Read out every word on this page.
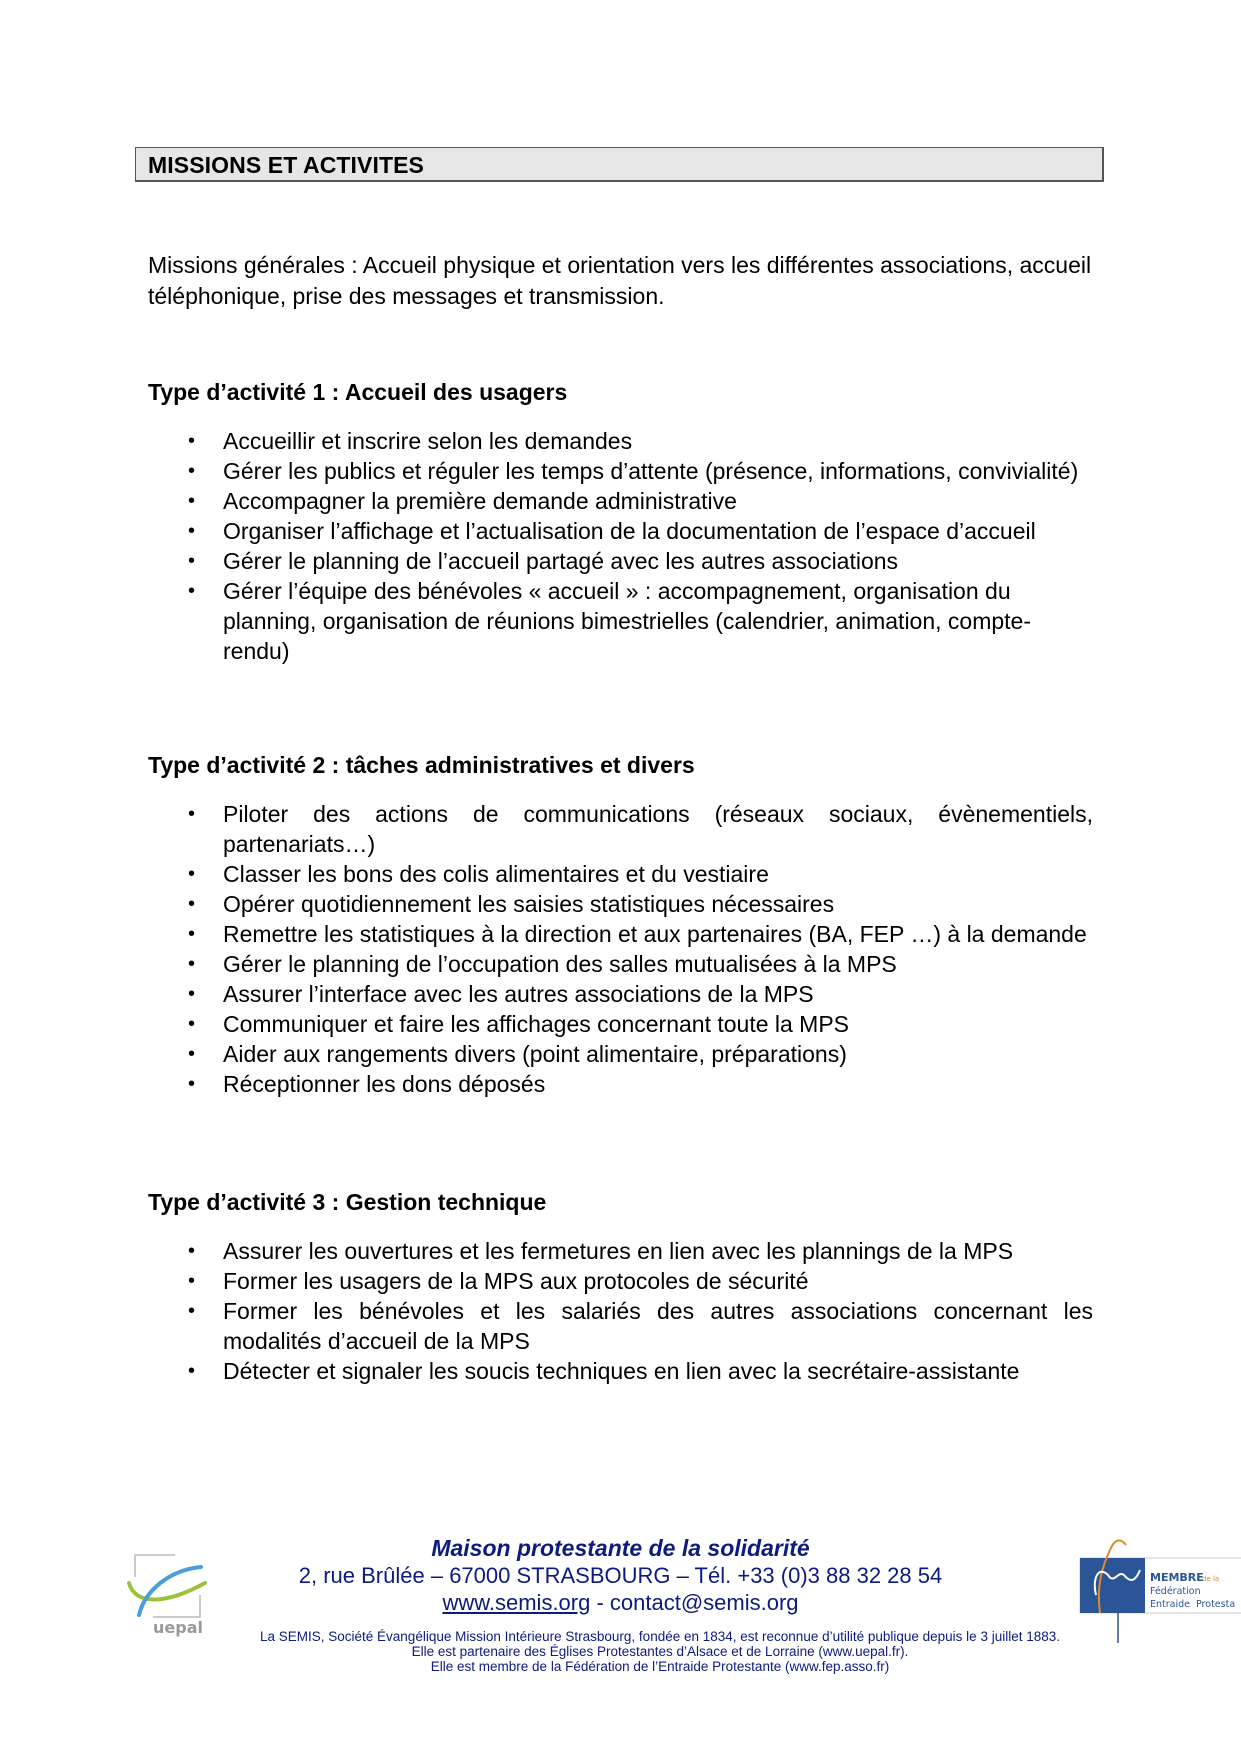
MISSIONS ET ACTIVITES
Missions générales : Accueil physique et orientation vers les différentes associations, accueil téléphonique, prise des messages et transmission.
Type d’activité 1 : Accueil des usagers
• Accueillir et inscrire selon les demandes
• Gérer les publics et réguler les temps d’attente (présence, informations, convivialité)
• Accompagner la première demande administrative
• Organiser l’affichage et l’actualisation de la documentation de l’espace d’accueil
• Gérer le planning de l’accueil partagé avec les autres associations
• Gérer l’équipe des bénévoles « accueil » : accompagnement, organisation du planning, organisation de réunions bimestrielles (calendrier, animation, compte-rendu)
Type d’activité 2 : tâches administratives et divers
• Piloter des actions de communications (réseaux sociaux, évènementiels, partenariats…)
• Classer les bons des colis alimentaires et du vestiaire
• Opérer quotidiennement les saisies statistiques nécessaires
• Remettre les statistiques à la direction et aux partenaires (BA, FEP …) à la demande
• Gérer le planning de l’occupation des salles mutualisées à la MPS
• Assurer l’interface avec les autres associations de la MPS
• Communiquer et faire les affichages concernant toute la MPS
• Aider aux rangements divers (point alimentaire, préparations)
• Réceptionner les dons déposés
Type d’activité 3 : Gestion technique
• Assurer les ouvertures et les fermetures en lien avec les plannings de la MPS
• Former les usagers de la MPS aux protocoles de sécurité
• Former les bénévoles et les salariés des autres associations concernant les modalités d’accueil de la MPS
• Détecter et signaler les soucis techniques en lien avec la secrétaire-assistante
uepal
Maison protestante de la solidarité
2, rue Brûlée – 67000 STRASBOURG – Tél. +33 (0)3 88 32 28 54
www.semis.org - contact@semis.org
La SEMIS, Société Évangélique Mission Intérieure Strasbourg, fondée en 1834, est reconnue d’utilité publique depuis le 3 juillet 1883.
Elle est partenaire des Églises Protestantes d’Alsace et de Lorraine (www.uepal.fr).
Elle est membre de la Fédération de l’Entraide Protestante (www.fep.asso.fr)
MEMBRE
de la
Fédération
Entraide Protesta
